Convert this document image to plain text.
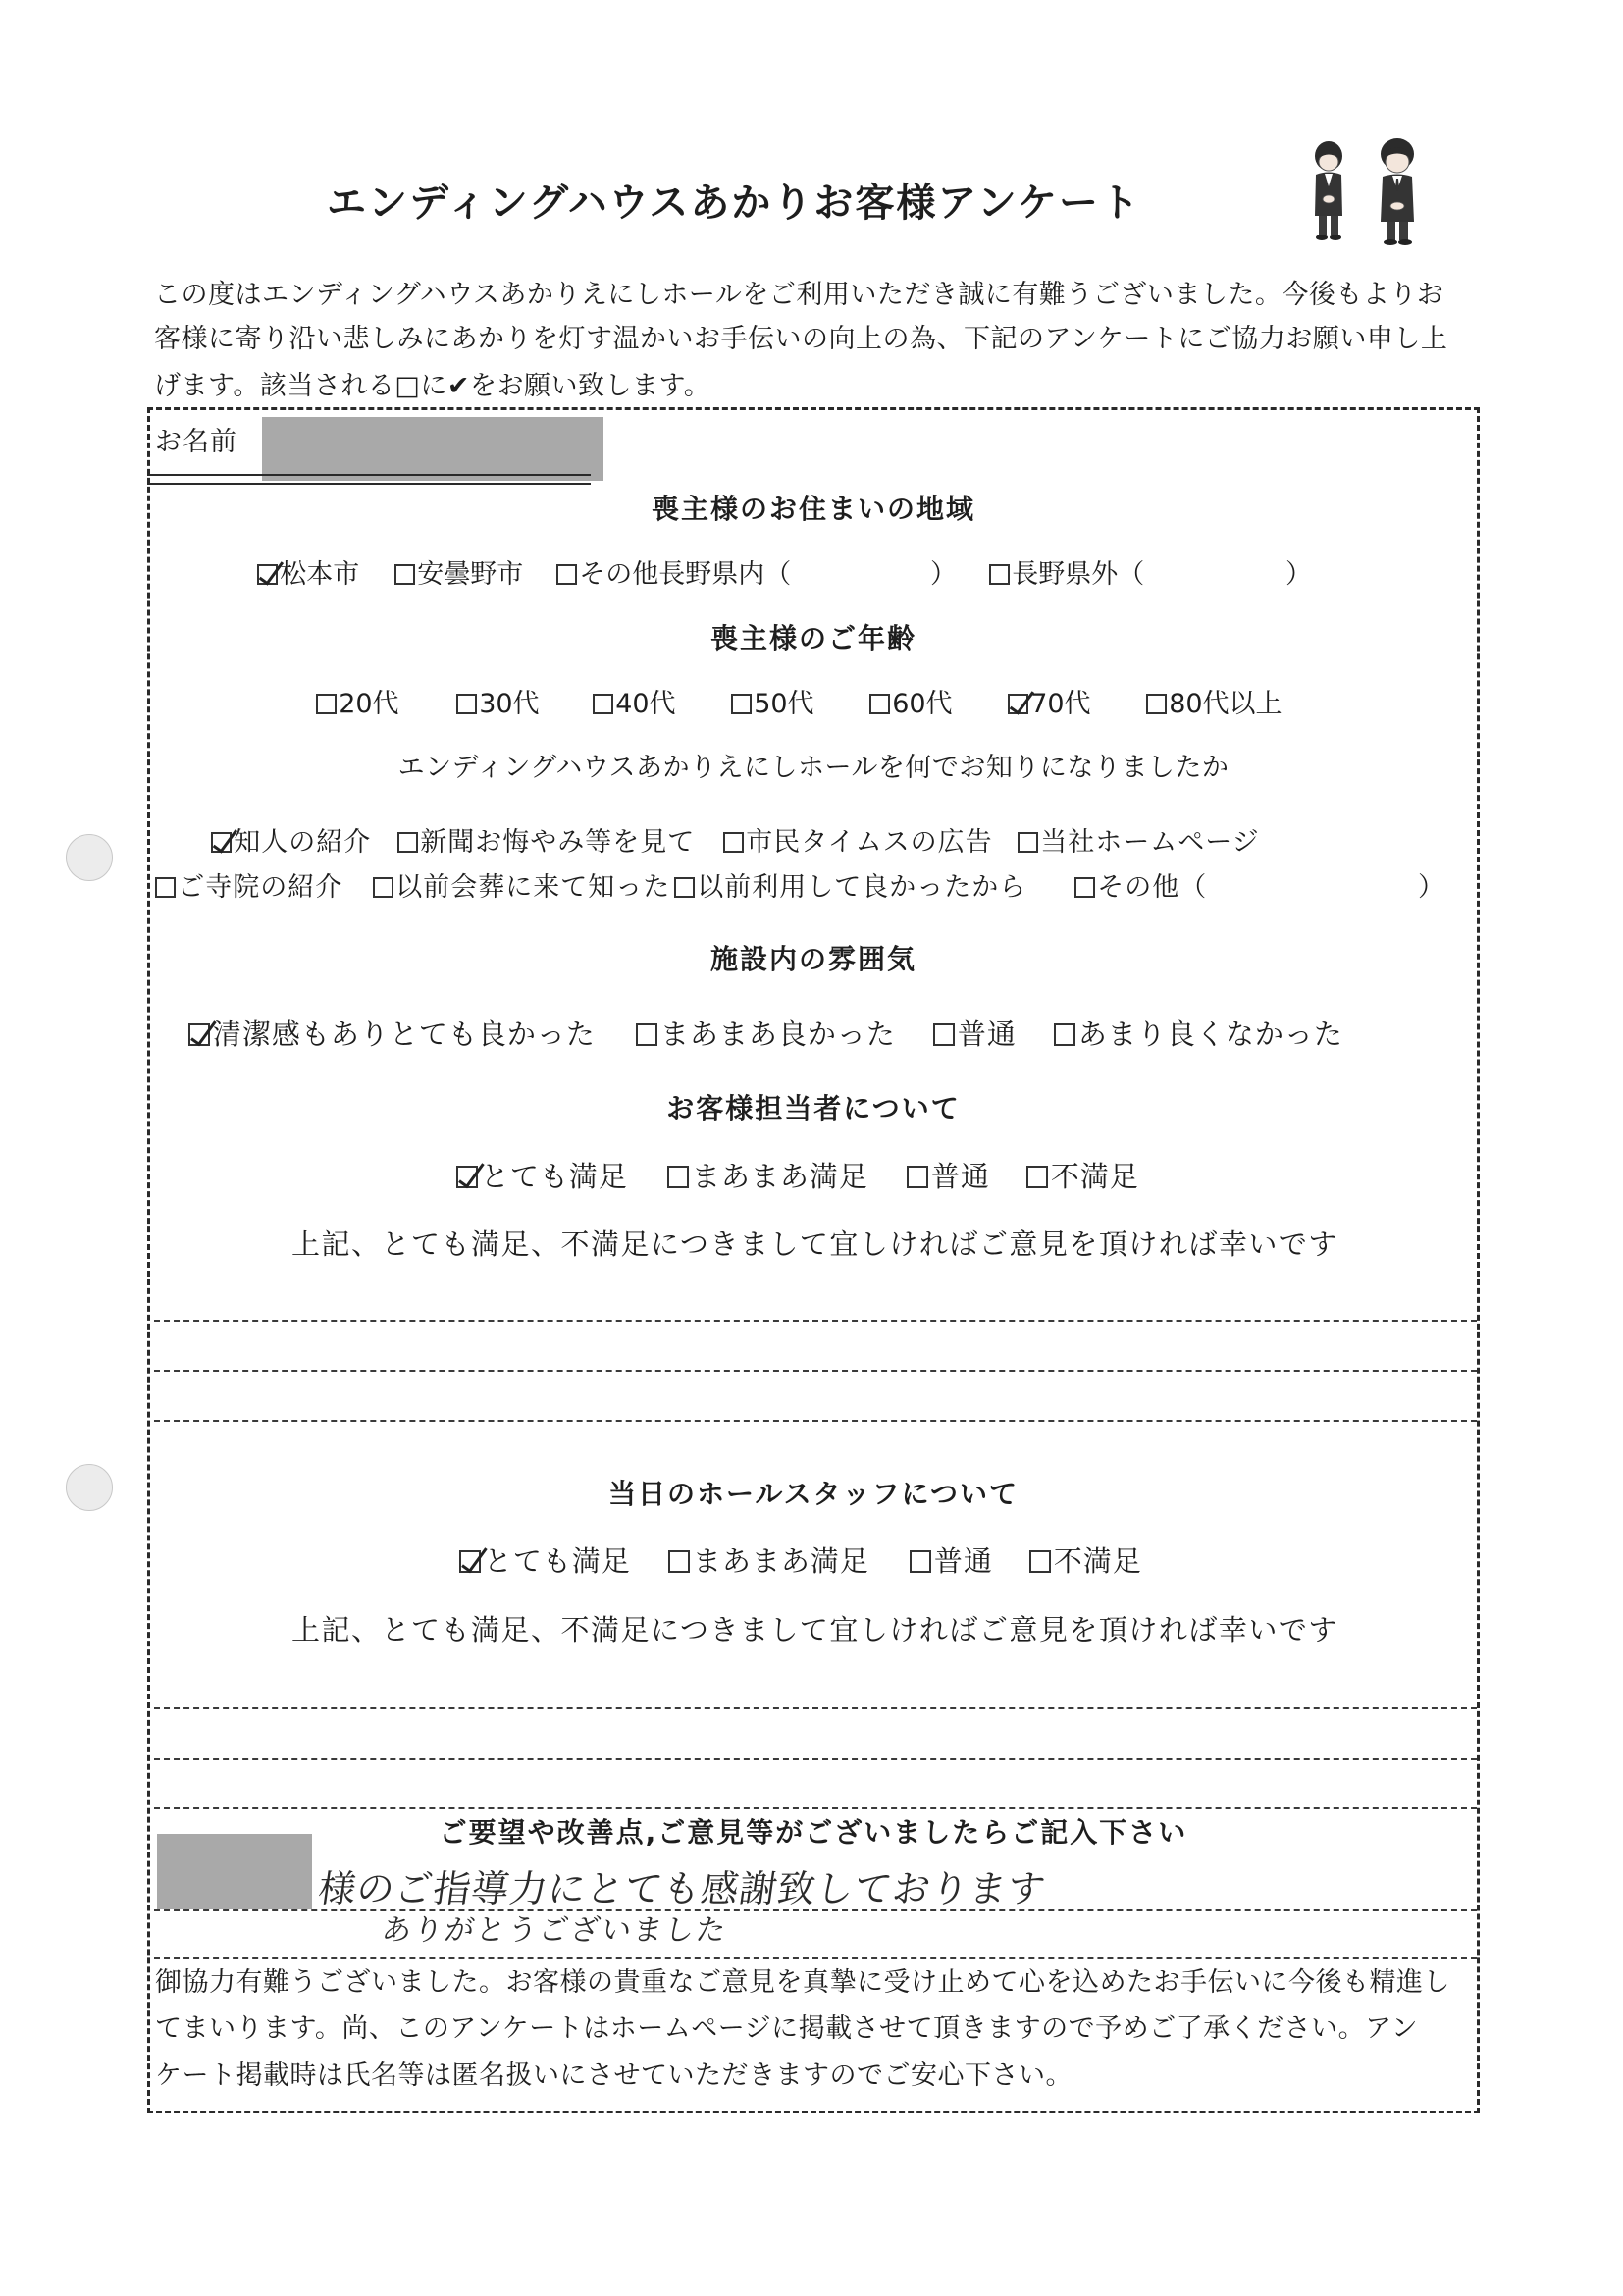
エンディングハウスあかりお客様アンケート
この度はエンディングハウスあかりえにしホールをご利用いただき誠に有難うございました。今後もよりお
客様に寄り沿い悲しみにあかりを灯す温かいお手伝いの向上の為、下記のアンケートにご協力お願い申し上
げます。該当される□に✔をお願い致します。
お名前
喪主様のお住まいの地域
松本市 安曇野市 その他長野県内（	） 長野県外（	）
喪主様のご年齢
20代	30代	40代	50代	60代	70代	80代以上
エンディングハウスあかりえにしホールを何でお知りになりましたか
知人の紹介 新聞お悔やみ等を見て 市民タイムスの広告 当社ホームページ
ご寺院の紹介 以前会葬に来て知った 以前利用して良かったから	その他（	）
施設内の雰囲気
清潔感もありとても良かった まあまあ良かった 普通 あまり良くなかった
お客様担当者について
とても満足 まあまあ満足 普通 不満足
上記、とても満足、不満足につきまして宜しければご意見を頂ければ幸いです
当日のホールスタッフについて
とても満足 まあまあ満足 普通 不満足
上記、とても満足、不満足につきまして宜しければご意見を頂ければ幸いです
ご要望や改善点,ご意見等がございましたらご記入下さい
様のご指導力にとても感謝致しております
ありがとうございました
御協力有難うございました。お客様の貴重なご意見を真摯に受け止めて心を込めたお手伝いに今後も精進し
てまいります。尚、このアンケートはホームページに掲載させて頂きますので予めご了承ください。アン
ケート掲載時は氏名等は匿名扱いにさせていただきますのでご安心下さい。
